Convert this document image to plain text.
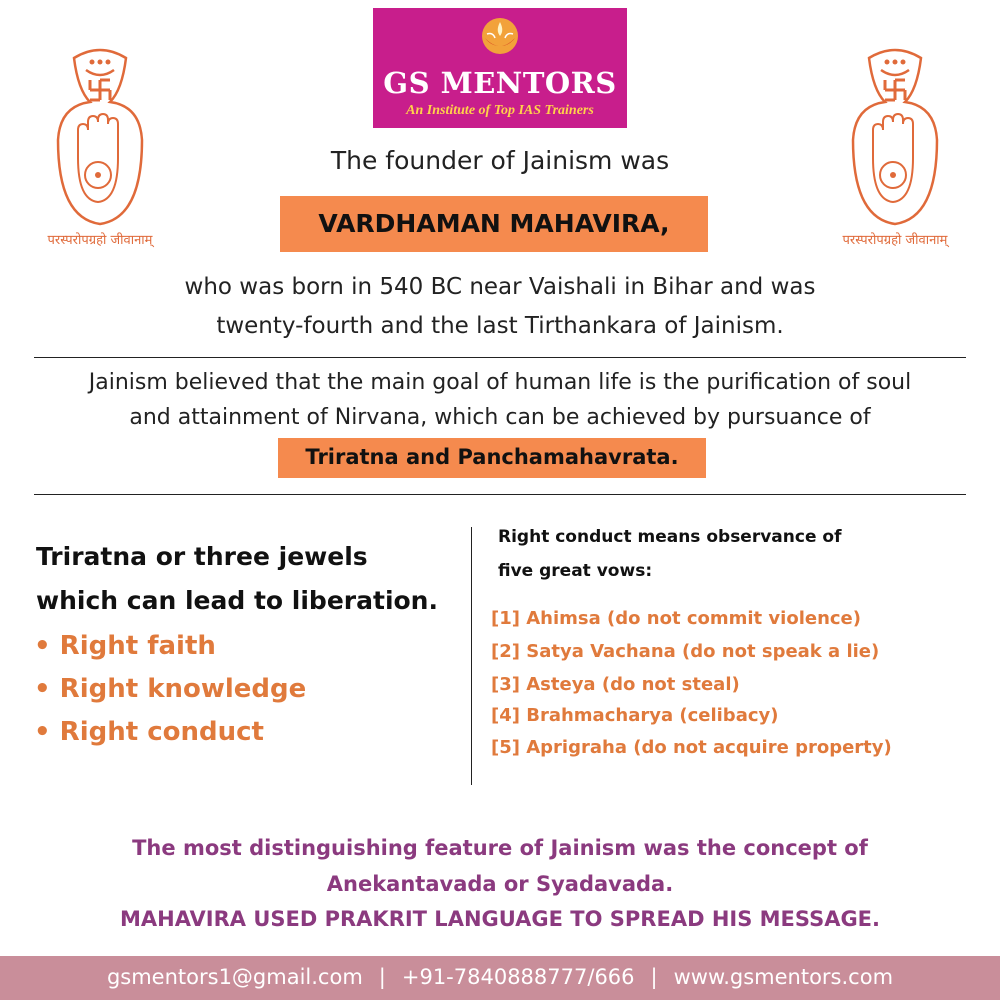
GS MENTORS
An Institute of Top IAS Trainers
परस्परोपग्रहो जीवानाम्	परस्परोपग्रहो जीवानाम्
The founder of Jainism was
VARDHAMAN MAHAVIRA,
who was born in 540 BC near Vaishali in Bihar and was
twenty-fourth and the last Tirthankara of Jainism.
Jainism believed that the main goal of human life is the purification of soul
and attainment of Nirvana, which can be achieved by pursuance of
Triratna and Panchamahavrata.
Triratna or three jewels
which can lead to liberation.
• Right faith
• Right knowledge
• Right conduct
Right conduct means observance of
five great vows:
[1] Ahimsa (do not commit violence)
[2] Satya Vachana (do not speak a lie)
[3] Asteya (do not steal)
[4] Brahmacharya (celibacy)
[5] Aprigraha (do not acquire property)
The most distinguishing feature of Jainism was the concept of
Anekantavada or Syadavada.
MAHAVIRA USED PRAKRIT LANGUAGE TO SPREAD HIS MESSAGE.
gsmentors1@gmail.com | +91-7840888777/666 | www.gsmentors.com
